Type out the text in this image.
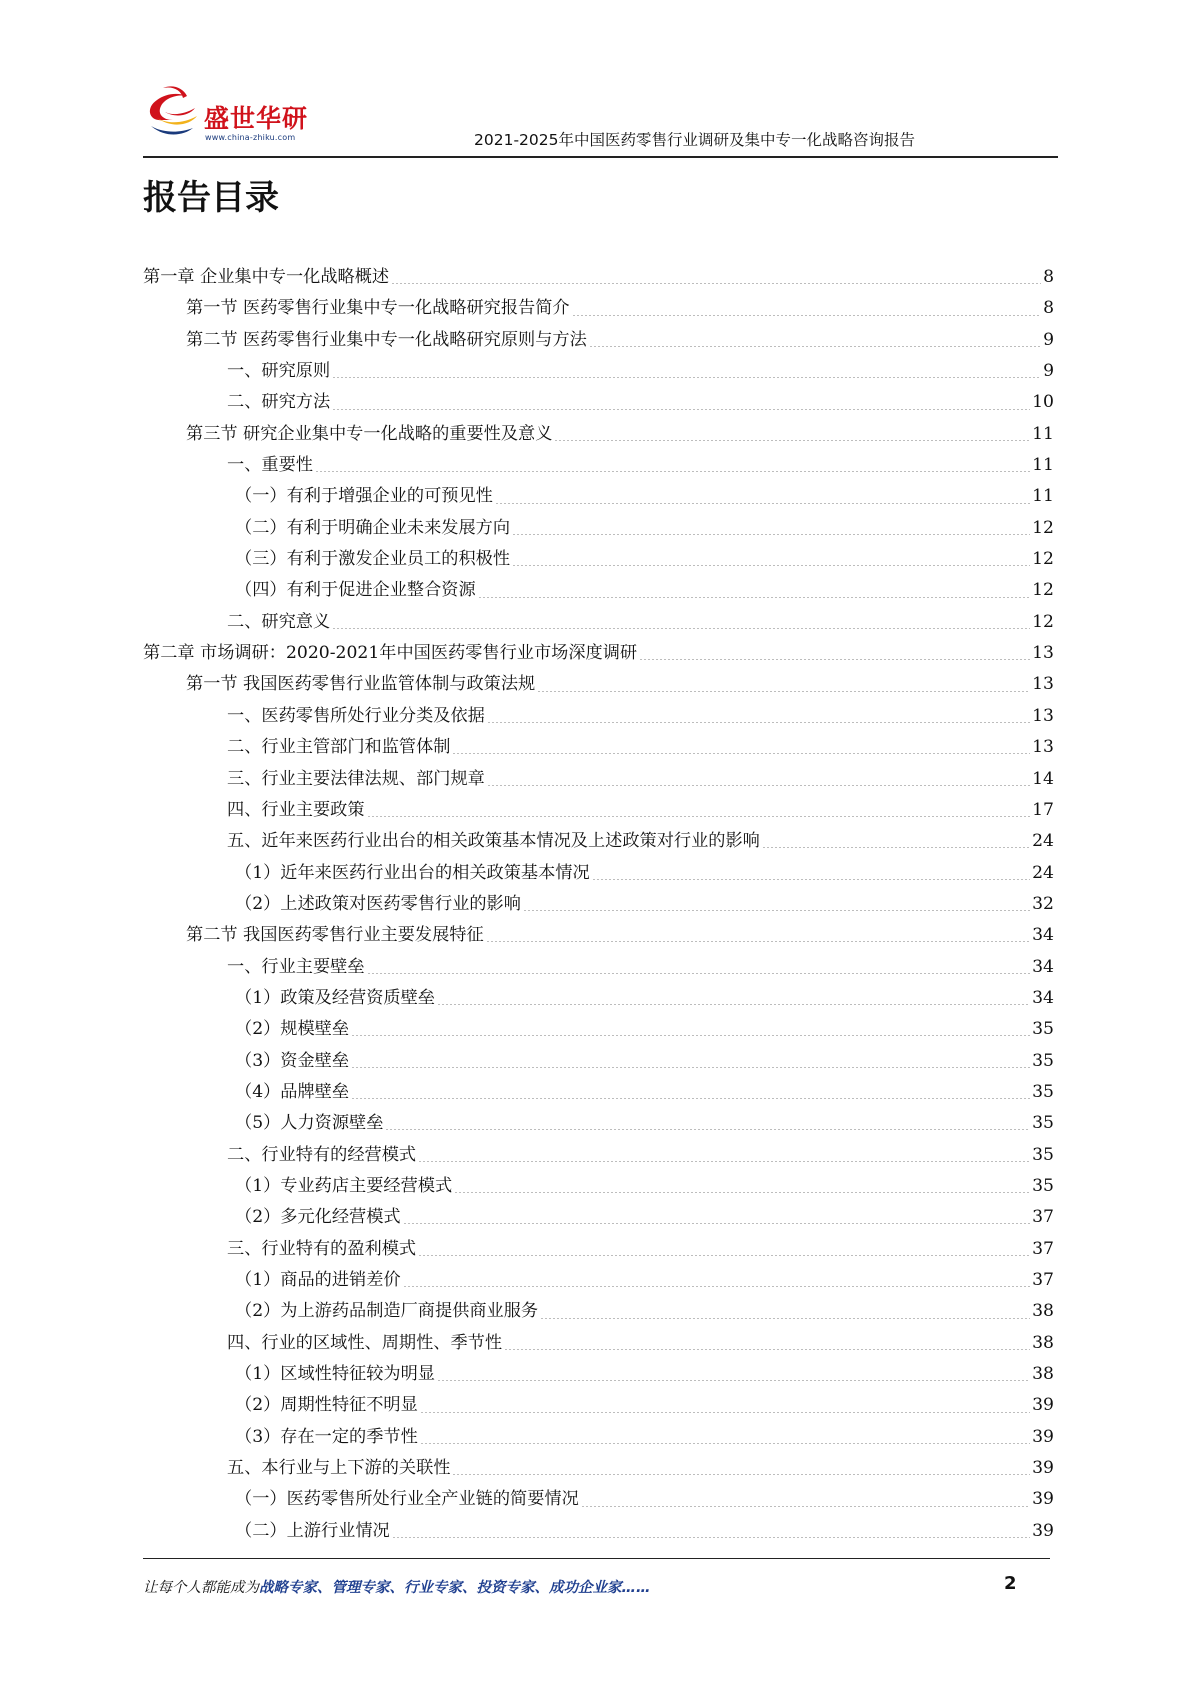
盛世华研
www.china-zhiku.com	2021-2025年中国医药零售行业调研及集中专一化战略咨询报告
报告目录
第一章 企业集中专一化战略概述	8
第一节 医药零售行业集中专一化战略研究报告简介	8
第二节 医药零售行业集中专一化战略研究原则与方法	9
一、研究原则	9
二、研究方法	10
第三节 研究企业集中专一化战略的重要性及意义	11
一、重要性	11
（一）有利于增强企业的可预见性	11
（二）有利于明确企业未来发展方向	12
（三）有利于激发企业员工的积极性	12
（四）有利于促进企业整合资源	12
二、研究意义	12
第二章 市场调研：2020-2021年中国医药零售行业市场深度调研	13
第一节 我国医药零售行业监管体制与政策法规	13
一、医药零售所处行业分类及依据	13
二、行业主管部门和监管体制	13
三、行业主要法律法规、部门规章	14
四、行业主要政策	17
五、近年来医药行业出台的相关政策基本情况及上述政策对行业的影响	24
（1）近年来医药行业出台的相关政策基本情况	24
（2）上述政策对医药零售行业的影响	32
第二节 我国医药零售行业主要发展特征	34
一、行业主要壁垒	34
（1）政策及经营资质壁垒	34
（2）规模壁垒	35
（3）资金壁垒	35
（4）品牌壁垒	35
（5）人力资源壁垒	35
二、行业特有的经营模式	35
（1）专业药店主要经营模式	35
（2）多元化经营模式	37
三、行业特有的盈利模式	37
（1）商品的进销差价	37
（2）为上游药品制造厂商提供商业服务	38
四、行业的区域性、周期性、季节性	38
（1）区域性特征较为明显	38
（2）周期性特征不明显	39
（3）存在一定的季节性	39
五、本行业与上下游的关联性	39
（一）医药零售所处行业全产业链的简要情况	39
（二）上游行业情况	39
让每个人都能成为战略专家、管理专家、行业专家、投资专家、成功企业家……	2
